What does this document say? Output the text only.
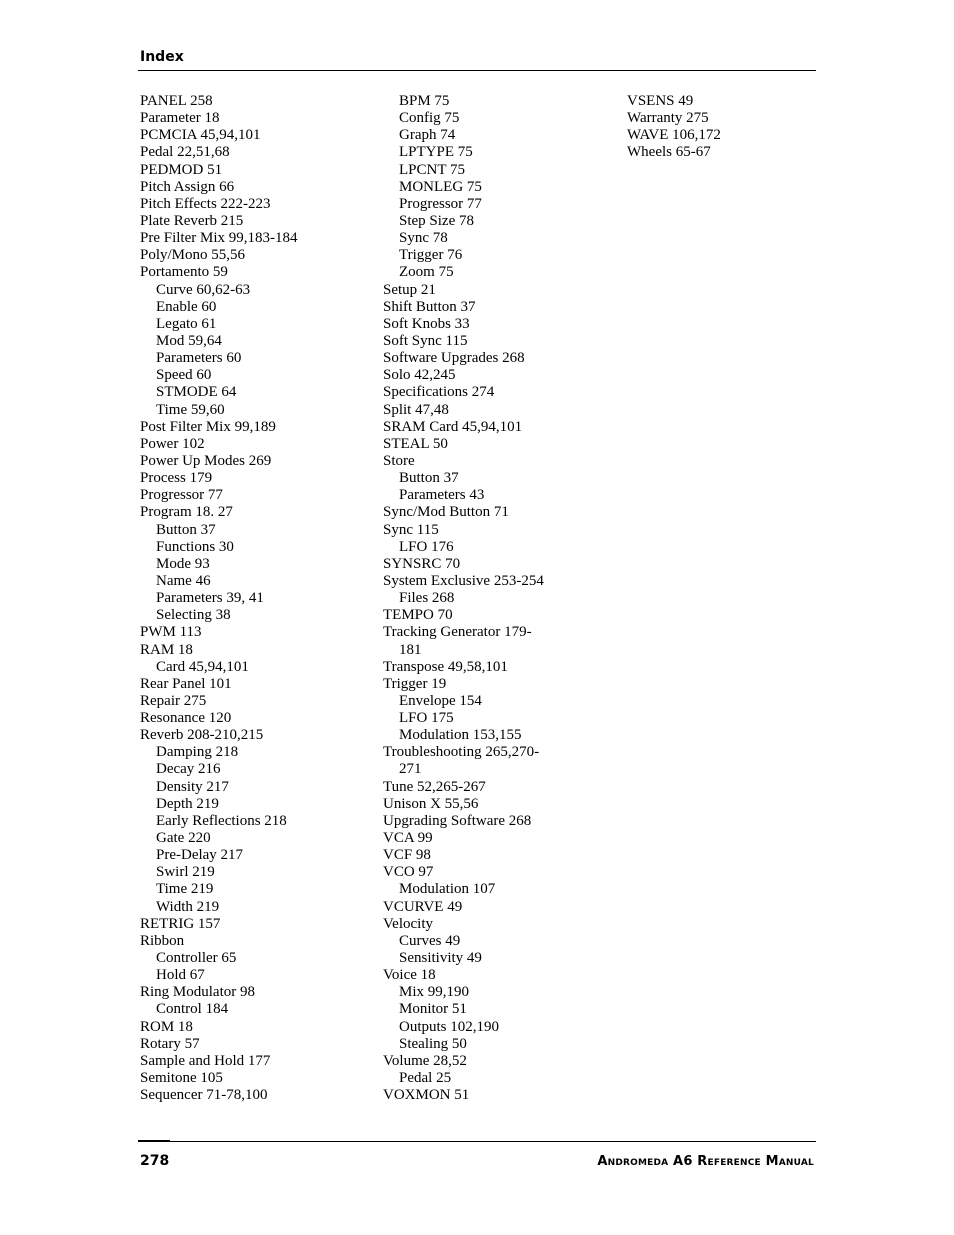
Index
PANEL 258
Parameter 18
PCMCIA 45,94,101
Pedal 22,51,68
PEDMOD 51
Pitch Assign 66
Pitch Effects 222-223
Plate Reverb 215
Pre Filter Mix 99,183-184
Poly/Mono 55,56
Portamento 59
Curve 60,62-63
Enable 60
Legato 61
Mod 59,64
Parameters 60
Speed 60
STMODE 64
Time 59,60
Post Filter Mix 99,189
Power 102
Power Up Modes 269
Process 179
Progressor 77
Program 18. 27
Button 37
Functions 30
Mode 93
Name 46
Parameters 39, 41
Selecting 38
PWM 113
RAM 18
Card 45,94,101
Rear Panel 101
Repair 275
Resonance 120
Reverb 208-210,215
Damping 218
Decay 216
Density 217
Depth 219
Early Reflections 218
Gate 220
Pre-Delay 217
Swirl 219
Time 219
Width 219
RETRIG 157
Ribbon
Controller 65
Hold 67
Ring Modulator 98
Control 184
ROM 18
Rotary 57
Sample and Hold 177
Semitone 105
Sequencer 71-78,100
BPM 75
Config 75
Graph 74
LPTYPE 75
LPCNT 75
MONLEG 75
Progressor 77
Step Size 78
Sync 78
Trigger 76
Zoom 75
Setup 21
Shift Button 37
Soft Knobs 33
Soft Sync 115
Software Upgrades 268
Solo 42,245
Specifications 274
Split 47,48
SRAM Card 45,94,101
STEAL 50
Store
Button 37
Parameters 43
Sync/Mod Button 71
Sync 115
LFO 176
SYNSRC 70
System Exclusive 253-254
Files 268
TEMPO 70
Tracking Generator 179-
181
Transpose 49,58,101
Trigger 19
Envelope 154
LFO 175
Modulation 153,155
Troubleshooting 265,270-
271
Tune 52,265-267
Unison X 55,56
Upgrading Software 268
VCA 99
VCF 98
VCO 97
Modulation 107
VCURVE 49
Velocity
Curves 49
Sensitivity 49
Voice 18
Mix 99,190
Monitor 51
Outputs 102,190
Stealing 50
Volume 28,52
Pedal 25
VOXMON 51
VSENS 49
Warranty 275
WAVE 106,172
Wheels 65-67
278	Andromeda A6 Reference Manual
